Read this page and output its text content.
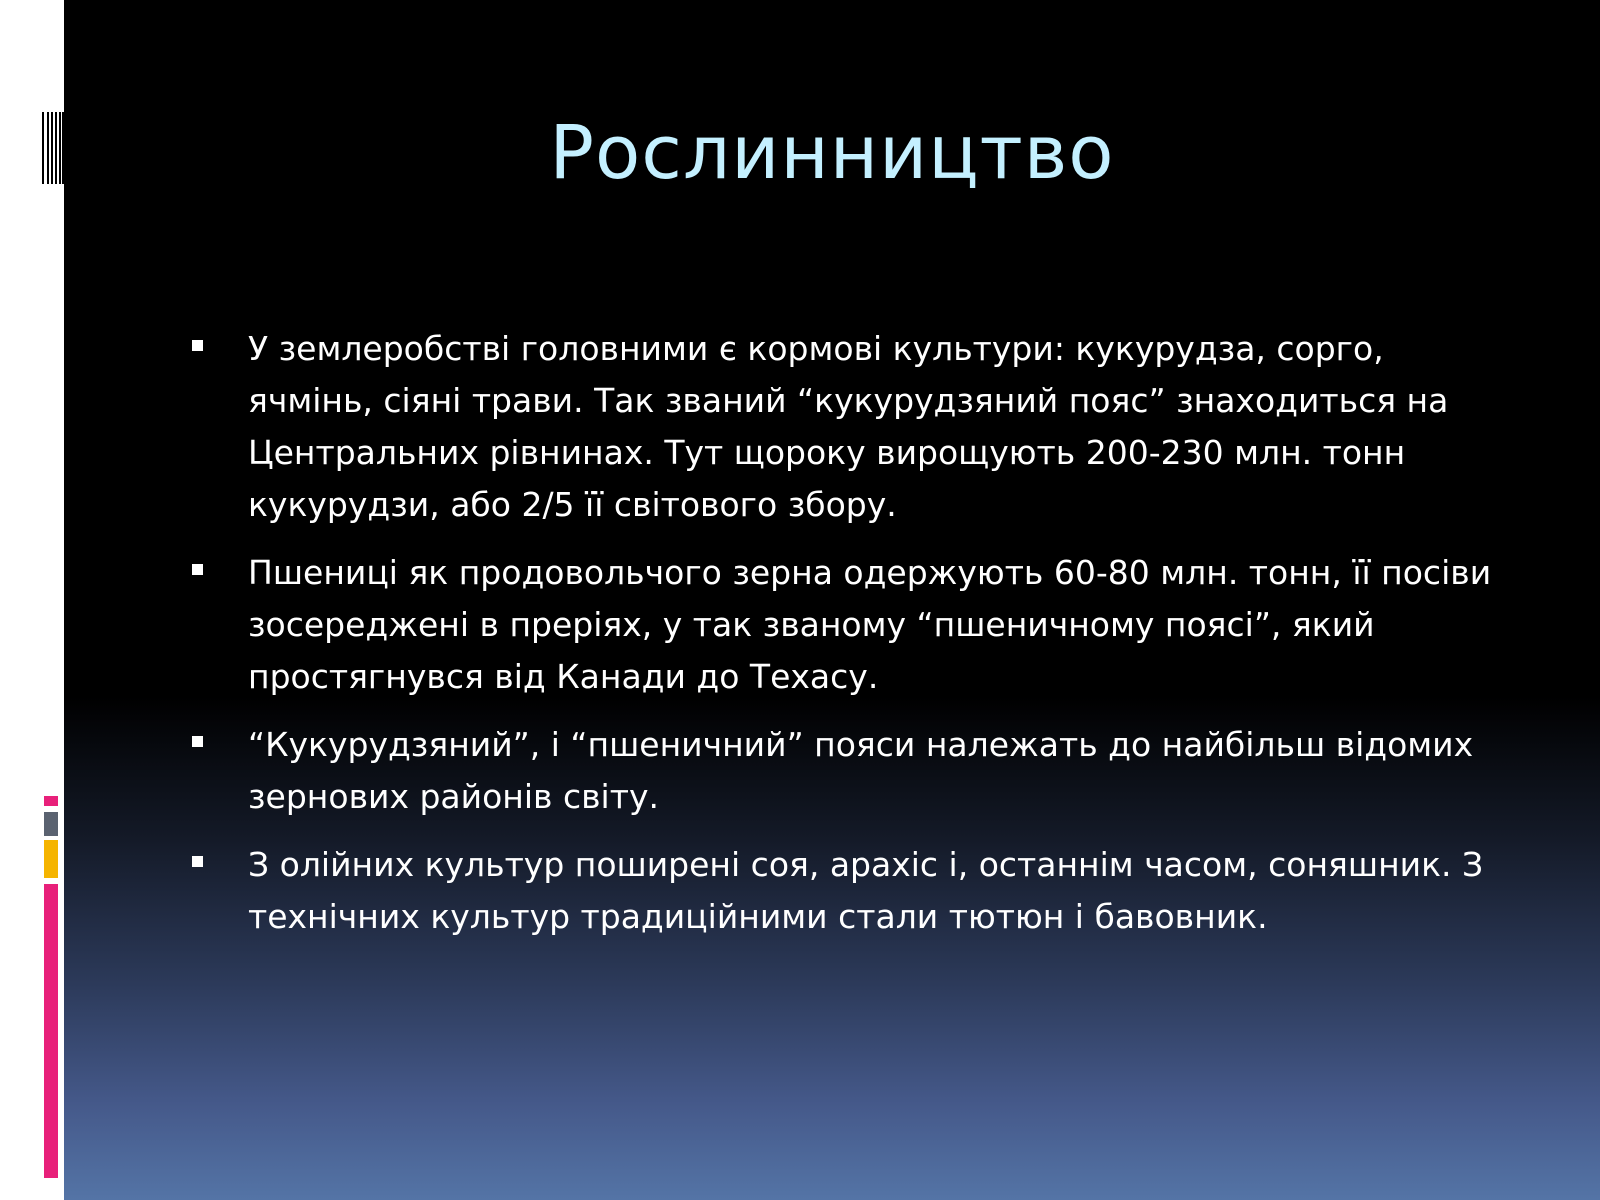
Рослинництво
У землеробстві головними є кормові культури: кукурудза, сорго, ячмінь, сіяні трави. Так званий “кукурудзяний пояс” знаходиться на Центральних рівнинах. Тут щороку вирощують 200-230 млн. тонн кукурудзи, або 2/5 її світового збору.
Пшениці як продовольчого зерна одержують 60-80 млн. тонн, її посіви зосереджені в преріях, у так званому “пшеничному поясі”, який простягнувся від Канади до Техасу.
“Кукурудзяний”, і “пшеничний” пояси належать до найбільш відомих зернових районів світу.
З олійних культур поширені соя, арахіс і, останнім часом, соняшник. З технічних культур традиційними стали тютюн і бавовник.
